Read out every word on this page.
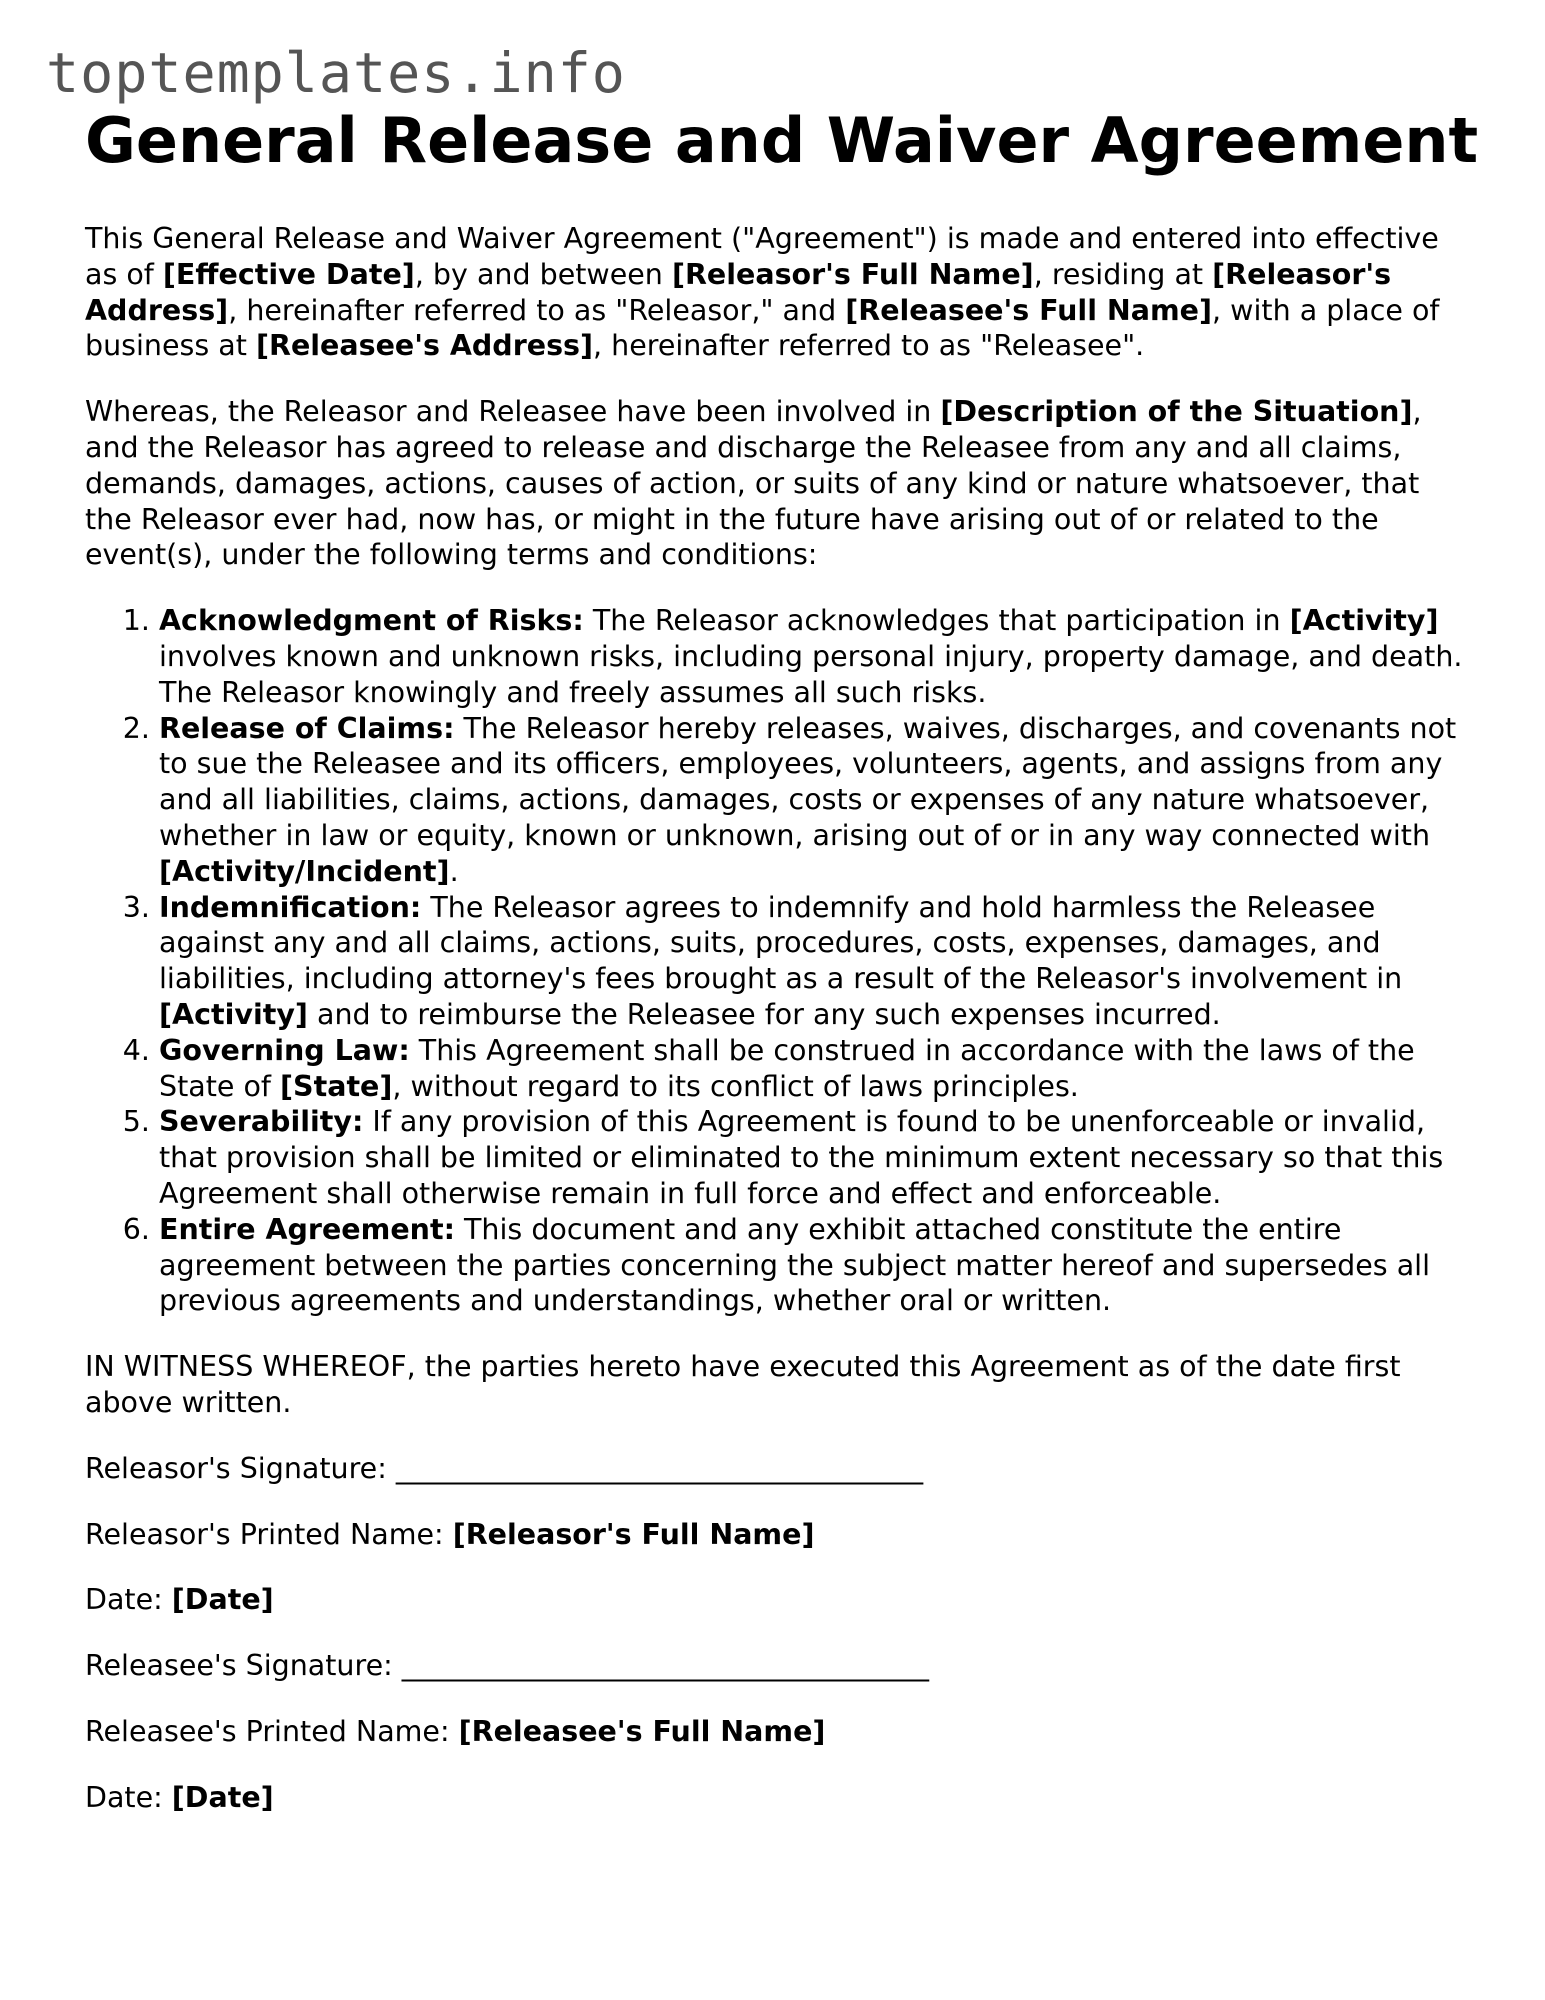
toptemplates.info
General Release and Waiver Agreement

This General Release and Waiver Agreement ("Agreement") is made and entered into effective as of [Effective Date], by and between [Releasor's Full Name], residing at [Releasor's Address], hereinafter referred to as "Releasor," and [Releasee's Full Name], with a place of business at [Releasee's Address], hereinafter referred to as "Releasee".

Whereas, the Releasor and Releasee have been involved in [Description of the Situation], and the Releasor has agreed to release and discharge the Releasee from any and all claims, demands, damages, actions, causes of action, or suits of any kind or nature whatsoever, that the Releasor ever had, now has, or might in the future have arising out of or related to the event(s), under the following terms and conditions:

1. Acknowledgment of Risks: The Releasor acknowledges that participation in [Activity] involves known and unknown risks, including personal injury, property damage, and death. The Releasor knowingly and freely assumes all such risks.
2. Release of Claims: The Releasor hereby releases, waives, discharges, and covenants not to sue the Releasee and its officers, employees, volunteers, agents, and assigns from any and all liabilities, claims, actions, damages, costs or expenses of any nature whatsoever, whether in law or equity, known or unknown, arising out of or in any way connected with [Activity/Incident].
3. Indemnification: The Releasor agrees to indemnify and hold harmless the Releasee against any and all claims, actions, suits, procedures, costs, expenses, damages, and liabilities, including attorney's fees brought as a result of the Releasor's involvement in [Activity] and to reimburse the Releasee for any such expenses incurred.
4. Governing Law: This Agreement shall be construed in accordance with the laws of the State of [State], without regard to its conflict of laws principles.
5. Severability: If any provision of this Agreement is found to be unenforceable or invalid, that provision shall be limited or eliminated to the minimum extent necessary so that this Agreement shall otherwise remain in full force and effect and enforceable.
6. Entire Agreement: This document and any exhibit attached constitute the entire agreement between the parties concerning the subject matter hereof and supersedes all previous agreements and understandings, whether oral or written.

IN WITNESS WHEREOF, the parties hereto have executed this Agreement as of the date first above written.

Releasor's Signature: _____________________________________

Releasor's Printed Name: [Releasor's Full Name]

Date: [Date]

Releasee's Signature: _____________________________________

Releasee's Printed Name: [Releasee's Full Name]

Date: [Date]
